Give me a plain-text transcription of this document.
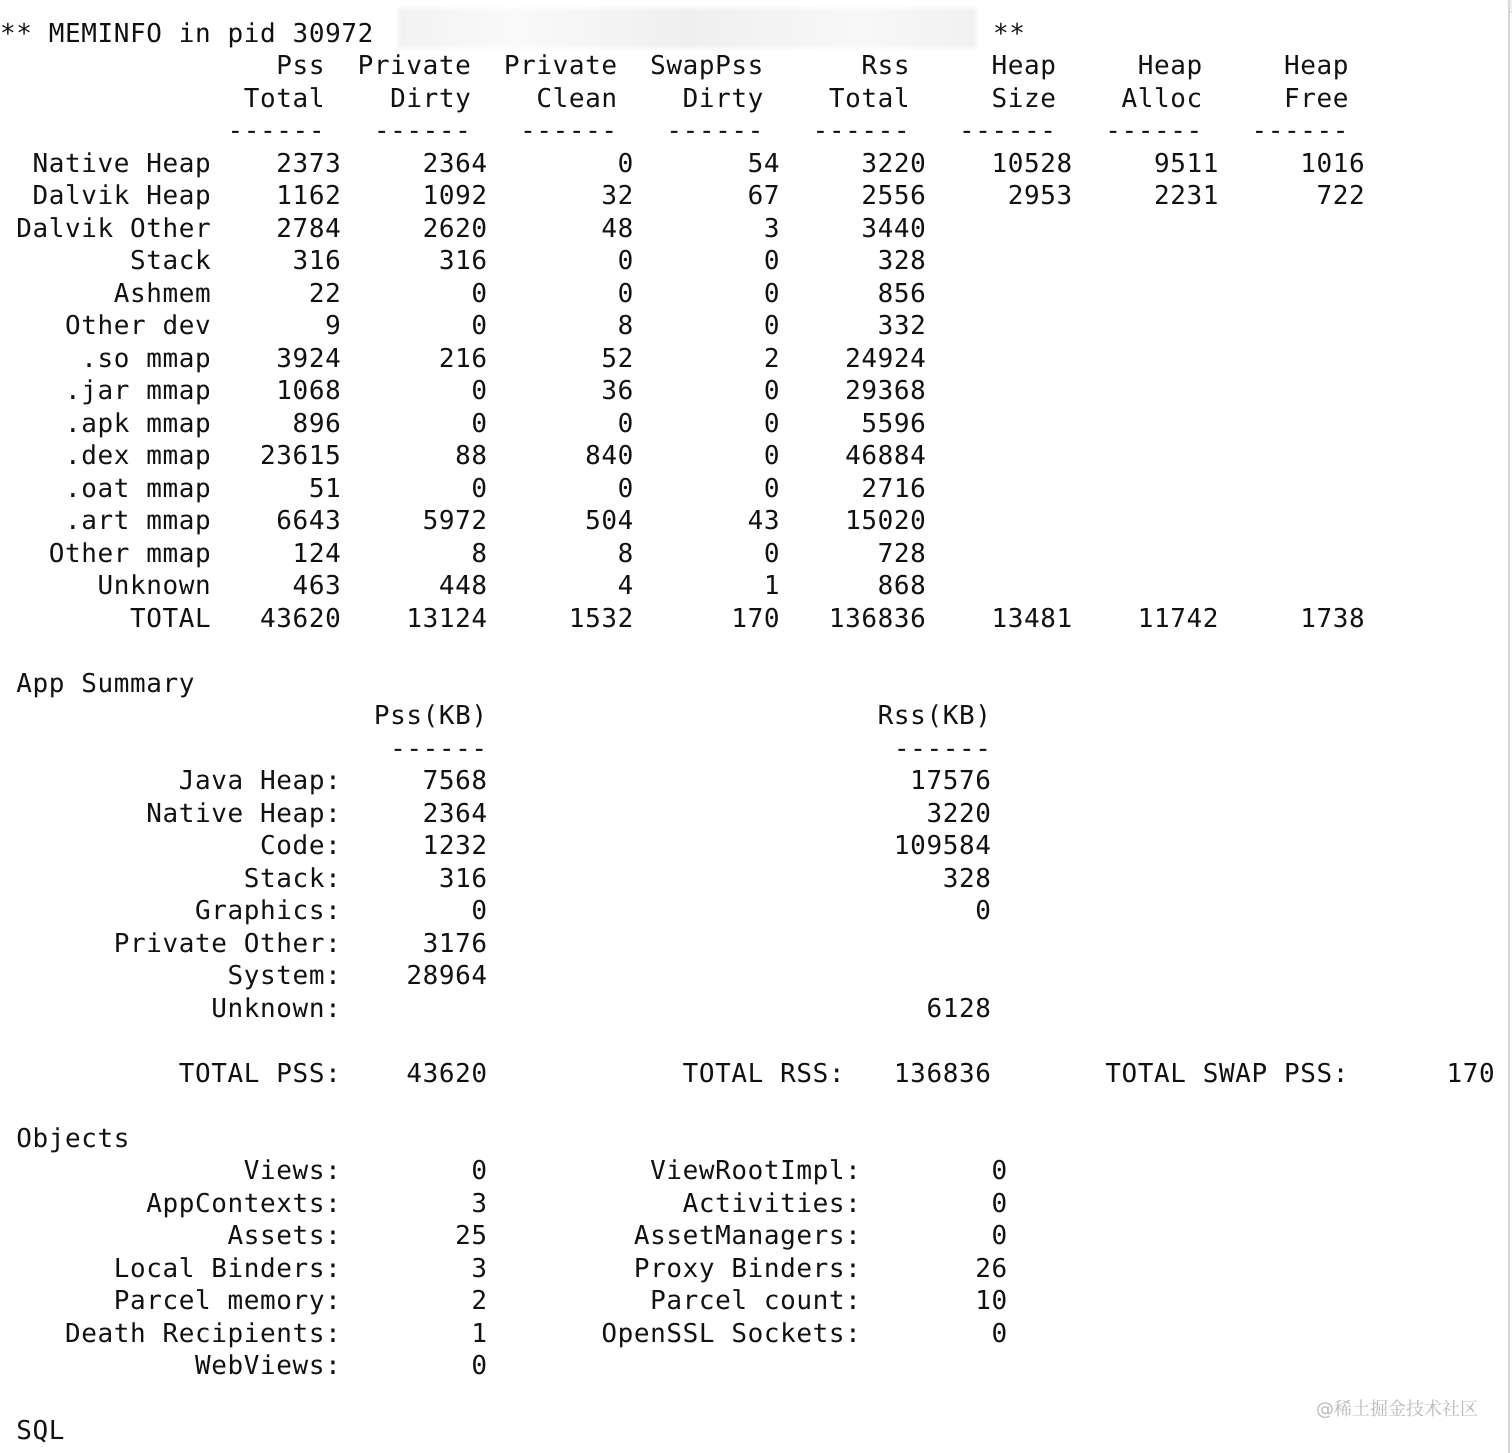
** MEMINFO in pid 30972	**
Pss  Private  Private  SwapPss      Rss     Heap     Heap     Heap
Total    Dirty    Clean    Dirty    Total     Size    Alloc     Free
------   ------   ------   ------   ------   ------   ------   ------
Native Heap    2373     2364        0       54     3220    10528     9511     1016
Dalvik Heap    1162     1092       32       67     2556     2953     2231      722
Dalvik Other    2784     2620       48        3     3440
Stack     316      316        0        0      328
Ashmem      22        0        0        0      856
Other dev       9        0        8        0      332
.so mmap    3924      216       52        2    24924
.jar mmap    1068        0       36        0    29368
.apk mmap     896        0        0        0     5596
.dex mmap   23615       88      840        0    46884
.oat mmap      51        0        0        0     2716
.art mmap    6643     5972      504       43    15020
Other mmap     124        8        8        0      728
Unknown     463      448        4        1      868
TOTAL   43620    13124     1532      170   136836    13481    11742     1738
App Summary
Pss(KB)                        Rss(KB)
------                         ------
Java Heap:     7568                          17576
Native Heap:     2364                           3220
Code:     1232                         109584
Stack:      316                            328
Graphics:        0                              0
Private Other:     3176
System:    28964
Unknown:                                    6128
TOTAL PSS:    43620            TOTAL RSS:   136836       TOTAL SWAP PSS:      170
Objects
Views:        0          ViewRootImpl:        0
AppContexts:        3            Activities:        0
Assets:       25         AssetManagers:        0
Local Binders:        3         Proxy Binders:       26
Parcel memory:        2          Parcel count:       10
Death Recipients:        1       OpenSSL Sockets:        0
WebViews:        0
SQL
@稀土掘金技术社区
